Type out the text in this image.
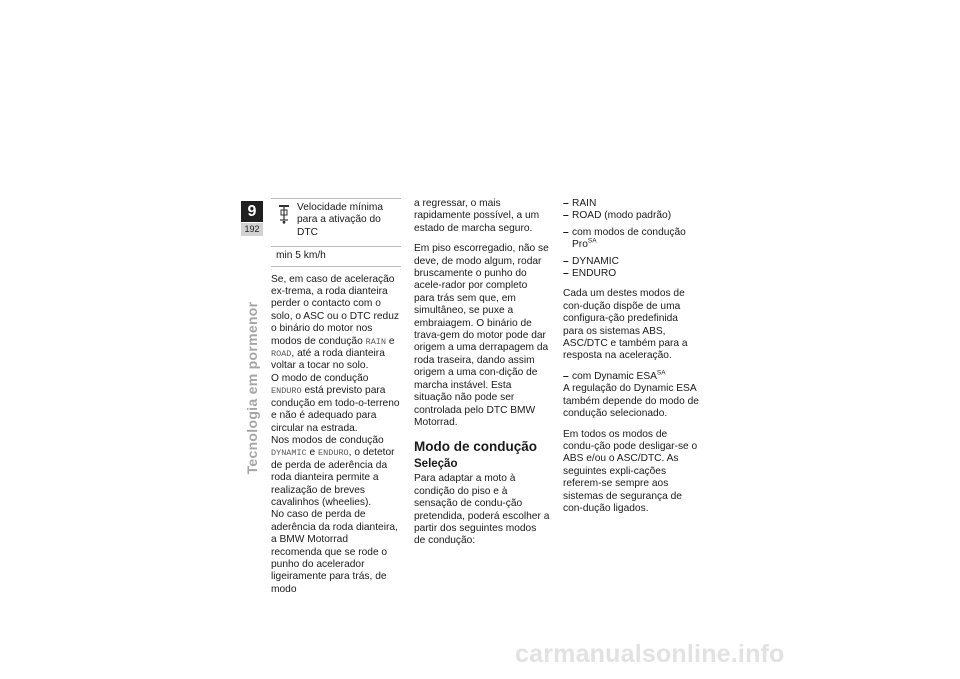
9
192
Tecnologia em pormenor
Velocidade mínima para a ativação do DTC
min 5 km/h

Se, em caso de aceleração ex-trema, a roda dianteira perder o contacto com o solo, o ASC ou o DTC reduz o binário do motor nos modos de condução RAIN e ROAD, até a roda dianteira voltar a tocar no solo.

O modo de condução ENDURO está previsto para condução em todo-o-terreno e não é adequado para circular na estrada.

Nos modos de condução DYNAMIC e ENDURO, o detetor de perda de aderência da roda dianteira permite a realização de breves cavalinhos (wheelies).

No caso de perda de aderência da roda dianteira, a BMW Motorrad recomenda que se rode o punho do acelerador ligeiramente para trás, de modo

a regressar, o mais rapidamente possível, a um estado de marcha seguro.

Em piso escorregadio, não se deve, de modo algum, rodar bruscamente o punho do acele-rador por completo para trás sem que, em simultâneo, se puxe a embraiagem. O binário de trava-gem do motor pode dar origem a uma derrapagem da roda traseira, dando assim origem a uma con-dição de marcha instável. Esta situação não pode ser controlada pelo DTC BMW Motorrad.

Modo de condução
Seleção

Para adaptar a moto à condição do piso e à sensação de condu-ção pretendida, poderá escolher a partir dos seguintes modos de condução:

– RAIN
– ROAD (modo padrão)
– com modos de condução
Pro$^{SA}$
– DYNAMIC
– ENDURO

Cada um destes modos de con-dução dispõe de uma configura-ção predefinida para os sistemas ABS, ASC/DTC e também para a resposta na aceleração.

– com Dynamic $ESA^{SA}$

A regulação do Dynamic ESA também depende do modo de condução selecionado.

Em todos os modos de condu-ção pode desligar-se o ABS e/ou o ASC/DTC. As seguintes expli-cações referem-se sempre aos sistemas de segurança de con-dução ligados.

carmanualsonline.info
